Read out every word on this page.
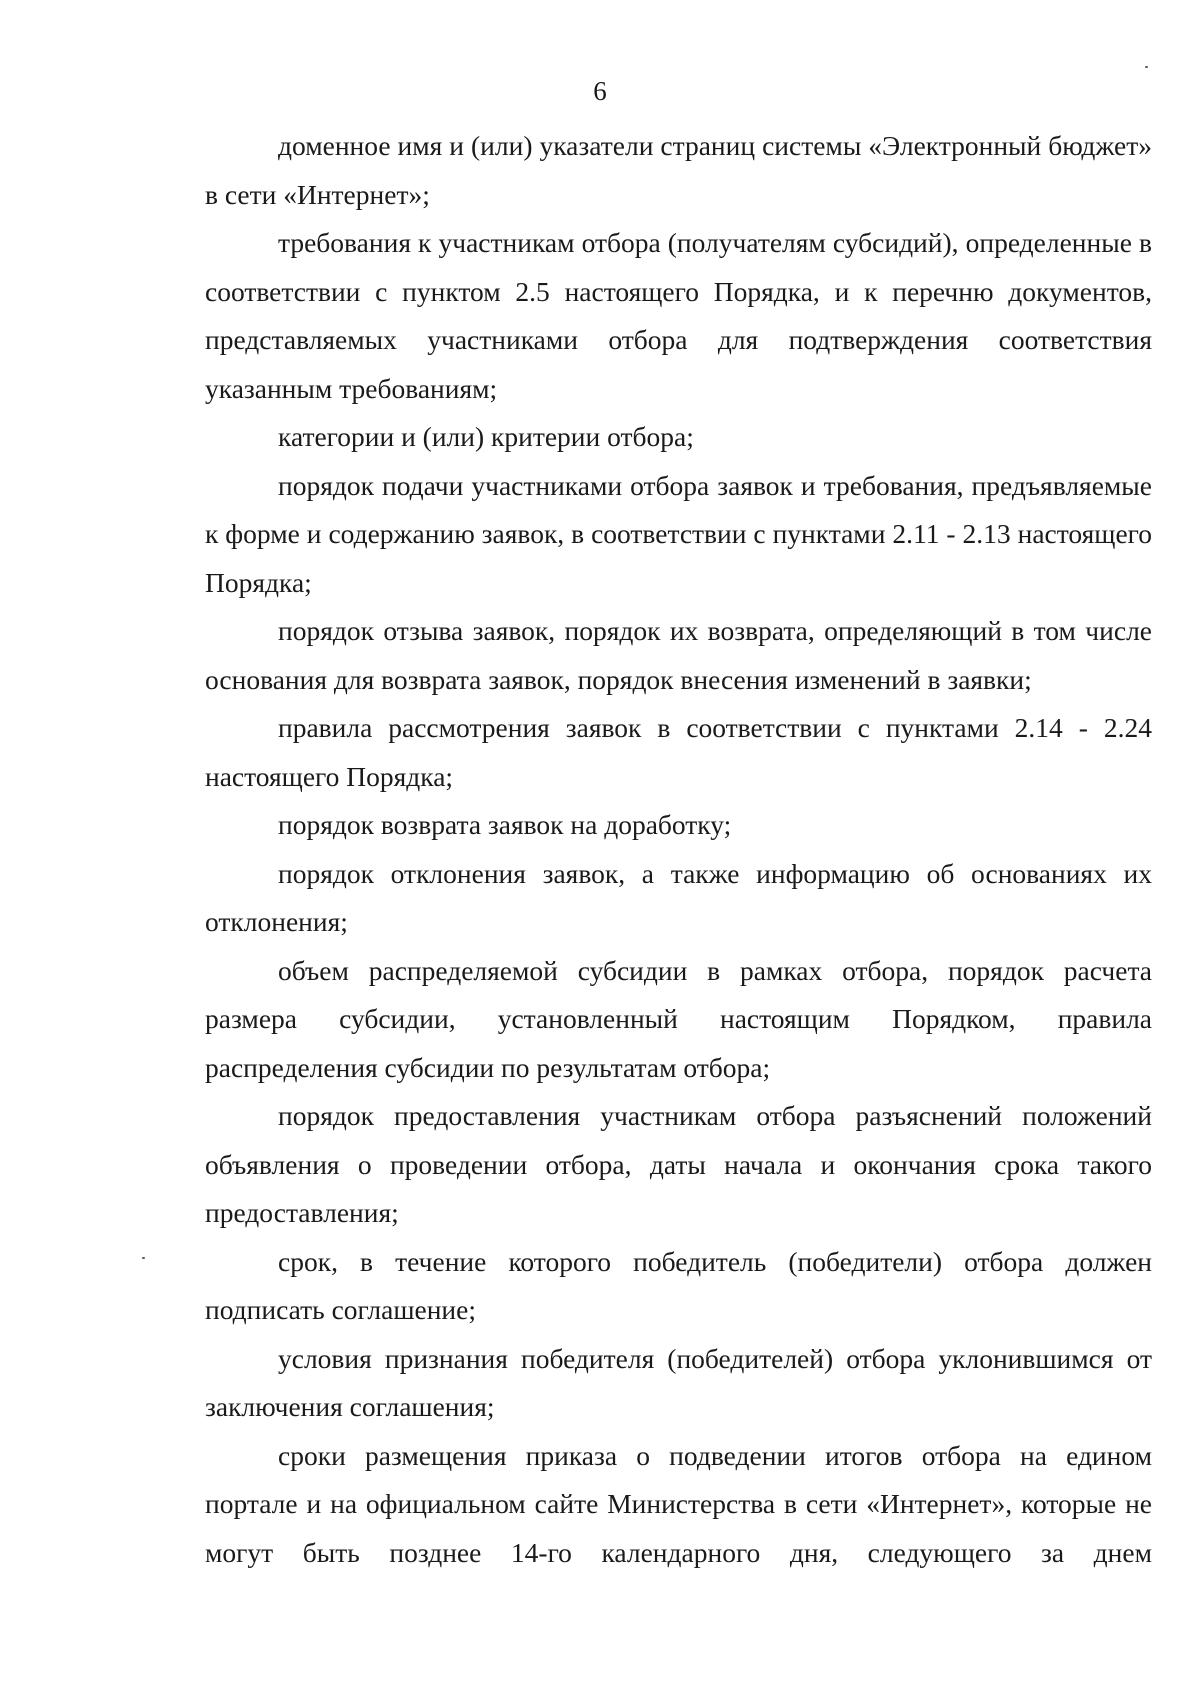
6

доменное имя и (или) указатели страниц системы «Электронный бюджет» в сети «Интернет»;

требования к участникам отбора (получателям субсидий), определенные в соответствии с пунктом 2.5 настоящего Порядка, и к перечню документов, представляемых участниками отбора для подтверждения соответствия указанным требованиям;

категории и (или) критерии отбора;

порядок подачи участниками отбора заявок и требования, предъявляемые к форме и содержанию заявок, в соответствии с пунктами 2.11 - 2.13 настоящего Порядка;

порядок отзыва заявок, порядок их возврата, определяющий в том числе основания для возврата заявок, порядок внесения изменений в заявки;

правила рассмотрения заявок в соответствии с пунктами 2.14 - 2.24 настоящего Порядка;

порядок возврата заявок на доработку;

порядок отклонения заявок, а также информацию об основаниях их отклонения;

объем распределяемой субсидии в рамках отбора, порядок расчета размера субсидии, установленный настоящим Порядком, правила распределения субсидии по результатам отбора;

порядок предоставления участникам отбора разъяснений положений объявления о проведении отбора, даты начала и окончания срока такого предоставления;

срок, в течение которого победитель (победители) отбора должен подписать соглашение;

условия признания победителя (победителей) отбора уклонившимся от заключения соглашения;

сроки размещения приказа о подведении итогов отбора на едином портале и на официальном сайте Министерства в сети «Интернет», которые не могут быть позднее 14-го календарного дня, следующего за днем
